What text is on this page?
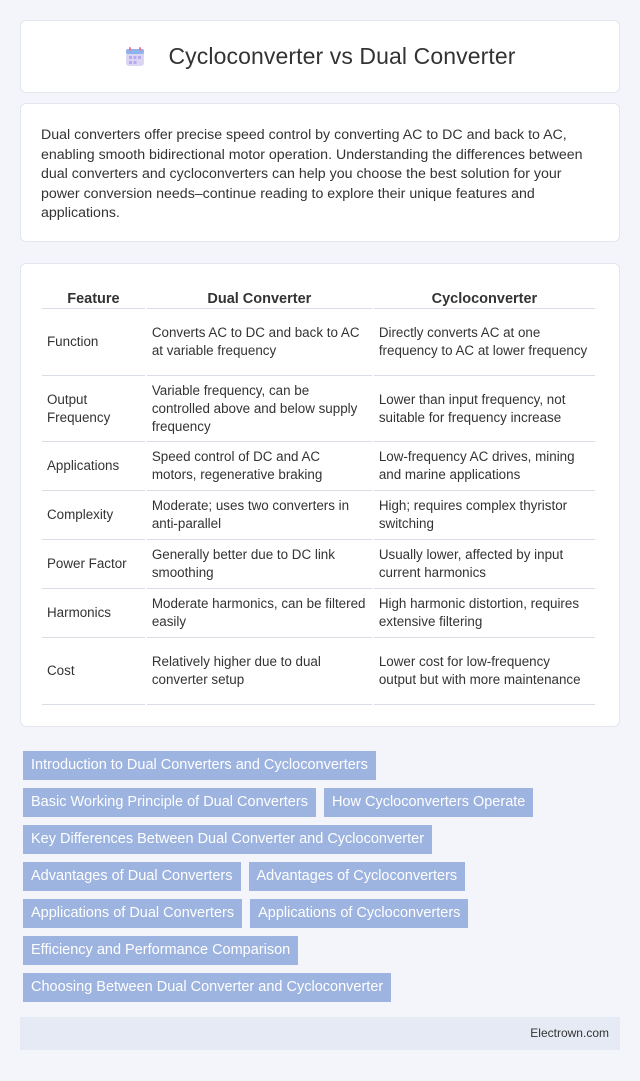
Cycloconverter vs Dual Converter

Dual converters offer precise speed control by converting AC to DC and back to AC, enabling smooth bidirectional motor operation. Understanding the differences between dual converters and cycloconverters can help you choose the best solution for your power conversion needs–continue reading to explore their unique features and applications.

Feature	Dual Converter	Cycloconverter
Function	Converts AC to DC and back to AC at variable frequency	Directly converts AC at one frequency to AC at lower frequency
Output Frequency	Variable frequency, can be controlled above and below supply frequency	Lower than input frequency, not suitable for frequency increase
Applications	Speed control of DC and AC motors, regenerative braking	Low-frequency AC drives, mining and marine applications
Complexity	Moderate; uses two converters in anti-parallel	High; requires complex thyristor switching
Power Factor	Generally better due to DC link smoothing	Usually lower, affected by input current harmonics
Harmonics	Moderate harmonics, can be filtered easily	High harmonic distortion, requires extensive filtering
Cost	Relatively higher due to dual converter setup	Lower cost for low-frequency output but with more maintenance
Introduction to Dual Converters and Cycloconverters
Basic Working Principle of Dual Converters	How Cycloconverters Operate
Key Differences Between Dual Converter and Cycloconverter
Advantages of Dual Converters	Advantages of Cycloconverters
Applications of Dual Converters	Applications of Cycloconverters
Efficiency and Performance Comparison
Choosing Between Dual Converter and Cycloconverter
Electrown.com
